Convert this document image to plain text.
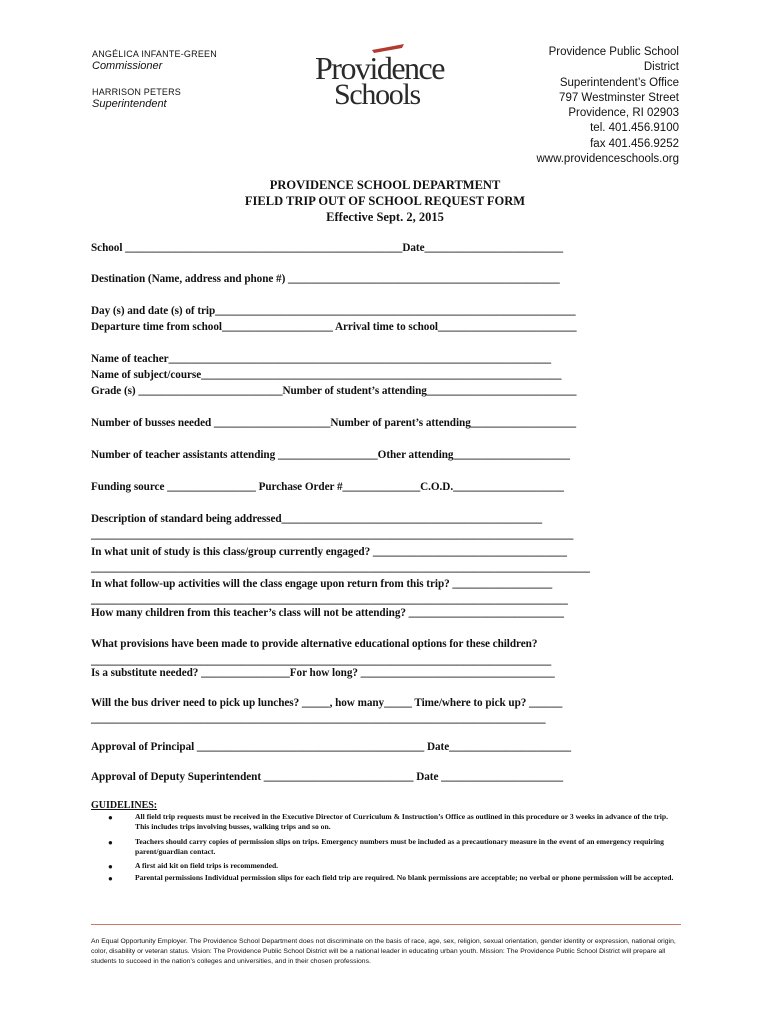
ANGÉLICA INFANTE-GREEN
Commissioner
HARRISON PETERS
Superintendent
Providence
Schools
Providence Public School
District
Superintendent’s Office
797 Westminster Street
Providence, RI 02903
tel. 401.456.9100
fax 401.456.9252
www.providenceschools.org
PROVIDENCE SCHOOL DEPARTMENT
FIELD TRIP OUT OF SCHOOL REQUEST FORM
Effective Sept. 2, 2015
School __________________________________________________Date_________________________
Destination (Name, address and phone #) _________________________________________________
Day (s) and date (s) of trip_________________________________________________________________
Departure time from school____________________ Arrival time to school_________________________
Name of teacher_____________________________________________________________________
Name of subject/course_________________________________________________________________
Grade (s) __________________________Number of student’s attending___________________________
Number of busses needed _____________________Number of parent’s attending___________________
Number of teacher assistants attending __________________Other attending_____________________
Funding source ________________ Purchase Order #______________C.O.D.____________________
Description of standard being addressed_______________________________________________
_______________________________________________________________________________________
In what unit of study is this class/group currently engaged? ___________________________________
__________________________________________________________________________________________
In what follow-up activities will the class engage upon return from this trip? __________________
______________________________________________________________________________________
How many children from this teacher’s class will not be attending? ____________________________
What provisions have been made to provide alternative educational options for these children?
___________________________________________________________________________________
Is a substitute needed? ________________For how long? ___________________________________
Will the bus driver need to pick up lunches? _____, how many_____ Time/where to pick up? ______
__________________________________________________________________________________
Approval of Principal _________________________________________ Date______________________
Approval of Deputy Superintendent ___________________________ Date ______________________
GUIDELINES:
●	All field trip requests must be received in the Executive Director of Curriculum & Instruction’s Office as outlined in this procedure or 3 weeks in advance of the trip. This includes trips involving busses, walking trips and so on.
●	Teachers should carry copies of permission slips on trips. Emergency numbers must be included as a precautionary measure in the event of an emergency requiring parent/guardian contact.
●	A first aid kit on field trips is recommended.
●	Parental permissions Individual permission slips for each field trip are required. No blank permissions are acceptable; no verbal or phone permission will be accepted.
An Equal Opportunity Employer. The Providence School Department does not discriminate on the basis of race, age, sex, religion, sexual orientation, gender identity or expression, national origin, color, disability or veteran status. Vision: The Providence Public School District will be a national leader in educating urban youth. Mission: The Providence Public School District will prepare all students to succeed in the nation’s colleges and universities, and in their chosen professions.
